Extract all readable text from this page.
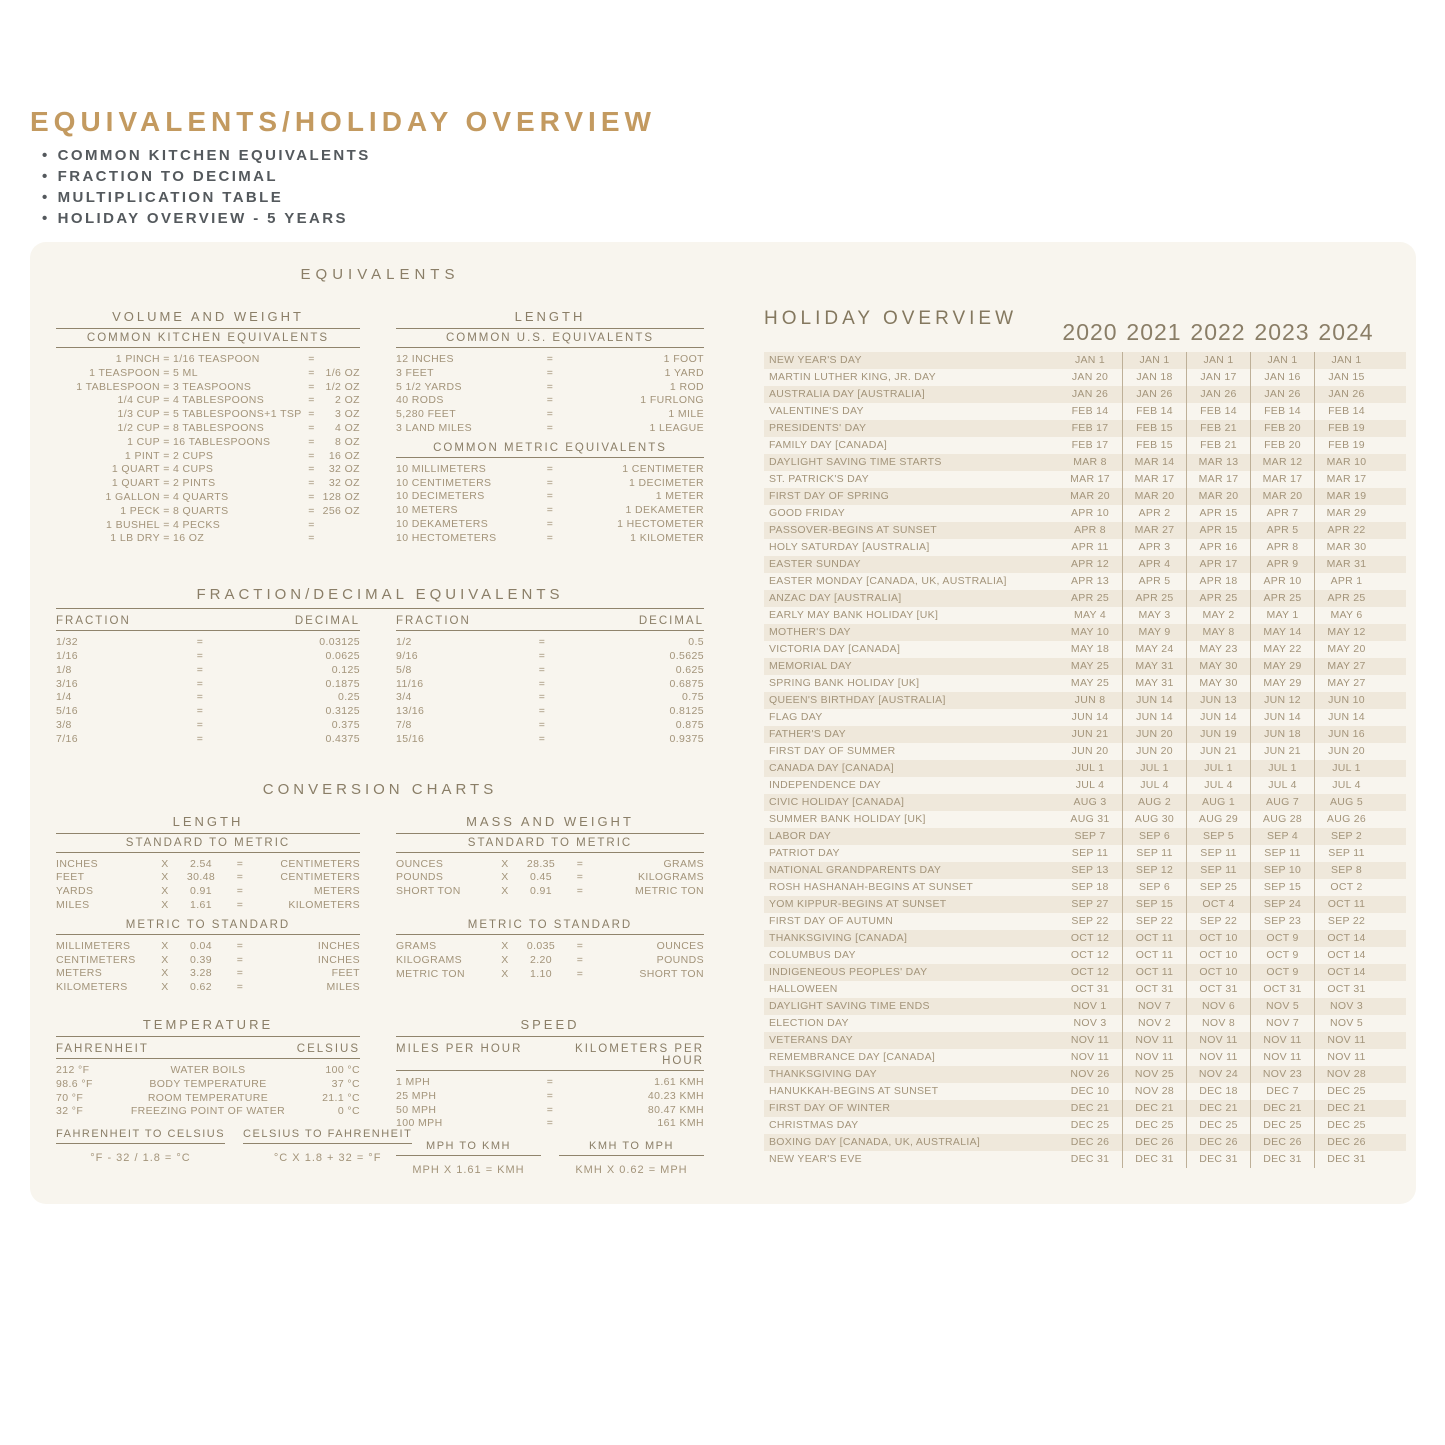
EQUIVALENTS/HOLIDAY OVERVIEW
• COMMON KITCHEN EQUIVALENTS
• FRACTION TO DECIMAL
• MULTIPLICATION TABLE
• HOLIDAY OVERVIEW - 5 YEARS
EQUIVALENTS
VOLUME AND WEIGHT
COMMON KITCHEN EQUIVALENTS
1 PINCH = 1/16 TEASPOON	=
1 TEASPOON = 5 ML	=	1/6 OZ
1 TABLESPOON = 3 TEASPOONS	=	1/2 OZ
1/4 CUP = 4 TABLESPOONS	=	2 OZ
1/3 CUP = 5 TABLESPOONS+1 TSP =	3 OZ
1/2 CUP = 8 TABLESPOONS	=	4 OZ
1 CUP = 16 TABLESPOONS	=	8 OZ
1 PINT = 2 CUPS	=	16 OZ
1 QUART = 4 CUPS	=	32 OZ
1 QUART = 2 PINTS	=	32 OZ
1 GALLON = 4 QUARTS	= 128 OZ
1 PECK = 8 QUARTS	= 256 OZ
1 BUSHEL = 4 PECKS	=
1 LB DRY = 16 OZ	=
LENGTH
COMMON U.S. EQUIVALENTS
12 INCHES	=	1 FOOT
3 FEET	=	1 YARD
5 1/2 YARDS	=	1 ROD
40 RODS	=	1 FURLONG
5,280 FEET	=	1 MILE
3 LAND MILES	=	1 LEAGUE
COMMON METRIC EQUIVALENTS
10 MILLIMETERS	=	1 CENTIMETER
10 CENTIMETERS	=	1 DECIMETER
10 DECIMETERS	=	1 METER
10 METERS	=	1 DEKAMETER
10 DEKAMETERS	=	1 HECTOMETER
10 HECTOMETERS	=	1 KILOMETER
FRACTION/DECIMAL EQUIVALENTS
FRACTION	DECIMAL
1/32	=	0.03125
1/16	=	0.0625
1/8	=	0.125
3/16	=	0.1875
1/4	=	0.25
5/16	=	0.3125
3/8	=	0.375
7/16	=	0.4375
FRACTION	DECIMAL
1/2	=	0.5
9/16	=	0.5625
5/8	=	0.625
11/16	=	0.6875
3/4	=	0.75
13/16	=	0.8125
7/8	=	0.875
15/16	=	0.9375
CONVERSION CHARTS
LENGTH
STANDARD TO METRIC
INCHES	X	2.54	=	CENTIMETERS
FEET	X	30.48	=	CENTIMETERS
YARDS	X	0.91	=	METERS
MILES	X	1.61	=	KILOMETERS
METRIC TO STANDARD
MILLIMETERS	X	0.04	=	INCHES
CENTIMETERS	X	0.39	=	INCHES
METERS	X	3.28	=	FEET
KILOMETERS	X	0.62	=	MILES
MASS AND WEIGHT
STANDARD TO METRIC
OUNCES	X	28.35	=	GRAMS
POUNDS	X	0.45	=	KILOGRAMS
SHORT TON	X	0.91	=	METRIC TON
METRIC TO STANDARD
GRAMS	X	0.035	=	OUNCES
KILOGRAMS	X	2.20	=	POUNDS
METRIC TON	X	1.10	=	SHORT TON
TEMPERATURE
FAHRENHEIT	CELSIUS
212 °F	WATER BOILS	100 °C
98.6 °F	BODY TEMPERATURE	37 °C
70 °F	ROOM TEMPERATURE	21.1 °C
32 °F	FREEZING POINT OF WATER	0 °C
FAHRENHEIT TO CELSIUS
°F - 32 / 1.8 = °C
CELSIUS TO FAHRENHEIT
°C X 1.8 + 32 = °F
SPEED
MILES PER HOUR	KILOMETERS PER HOUR
1 MPH	=	1.61 KMH
25 MPH	=	40.23 KMH
50 MPH	=	80.47 KMH
100 MPH	=	161 KMH
MPH TO KMH
MPH X 1.61 = KMH
KMH TO MPH
KMH X 0.62 = MPH
HOLIDAY OVERVIEW
2020 2021 2022 2023 2024
NEW YEAR'S DAY	JAN 1	JAN 1	JAN 1	JAN 1	JAN 1
MARTIN LUTHER KING, JR. DAY	JAN 20	JAN 18	JAN 17	JAN 16	JAN 15
AUSTRALIA DAY [AUSTRALIA]	JAN 26	JAN 26	JAN 26	JAN 26	JAN 26
VALENTINE'S DAY	FEB 14	FEB 14	FEB 14	FEB 14	FEB 14
PRESIDENTS' DAY	FEB 17	FEB 15	FEB 21	FEB 20	FEB 19
FAMILY DAY [CANADA]	FEB 17	FEB 15	FEB 21	FEB 20	FEB 19
DAYLIGHT SAVING TIME STARTS	MAR 8	MAR 14	MAR 13	MAR 12	MAR 10
ST. PATRICK'S DAY	MAR 17	MAR 17	MAR 17	MAR 17	MAR 17
FIRST DAY OF SPRING	MAR 20	MAR 20	MAR 20	MAR 20	MAR 19
GOOD FRIDAY	APR 10	APR 2	APR 15	APR 7	MAR 29
PASSOVER-BEGINS AT SUNSET	APR 8	MAR 27	APR 15	APR 5	APR 22
HOLY SATURDAY [AUSTRALIA]	APR 11	APR 3	APR 16	APR 8	MAR 30
EASTER SUNDAY	APR 12	APR 4	APR 17	APR 9	MAR 31
EASTER MONDAY [CANADA, UK, AUSTRALIA]	APR 13	APR 5	APR 18	APR 10	APR 1
ANZAC DAY [AUSTRALIA]	APR 25	APR 25	APR 25	APR 25	APR 25
EARLY MAY BANK HOLIDAY [UK]	MAY 4	MAY 3	MAY 2	MAY 1	MAY 6
MOTHER'S DAY	MAY 10	MAY 9	MAY 8	MAY 14	MAY 12
VICTORIA DAY [CANADA]	MAY 18	MAY 24	MAY 23	MAY 22	MAY 20
MEMORIAL DAY	MAY 25	MAY 31	MAY 30	MAY 29	MAY 27
SPRING BANK HOLIDAY [UK]	MAY 25	MAY 31	MAY 30	MAY 29	MAY 27
QUEEN'S BIRTHDAY [AUSTRALIA]	JUN 8	JUN 14	JUN 13	JUN 12	JUN 10
FLAG DAY	JUN 14	JUN 14	JUN 14	JUN 14	JUN 14
FATHER'S DAY	JUN 21	JUN 20	JUN 19	JUN 18	JUN 16
FIRST DAY OF SUMMER	JUN 20	JUN 20	JUN 21	JUN 21	JUN 20
CANADA DAY [CANADA]	JUL 1	JUL 1	JUL 1	JUL 1	JUL 1
INDEPENDENCE DAY	JUL 4	JUL 4	JUL 4	JUL 4	JUL 4
CIVIC HOLIDAY [CANADA]	AUG 3	AUG 2	AUG 1	AUG 7	AUG 5
SUMMER BANK HOLIDAY [UK]	AUG 31	AUG 30	AUG 29	AUG 28	AUG 26
LABOR DAY	SEP 7	SEP 6	SEP 5	SEP 4	SEP 2
PATRIOT DAY	SEP 11	SEP 11	SEP 11	SEP 11	SEP 11
NATIONAL GRANDPARENTS DAY	SEP 13	SEP 12	SEP 11	SEP 10	SEP 8
ROSH HASHANAH-BEGINS AT SUNSET	SEP 18	SEP 6	SEP 25	SEP 15	OCT 2
YOM KIPPUR-BEGINS AT SUNSET	SEP 27	SEP 15	OCT 4	SEP 24	OCT 11
FIRST DAY OF AUTUMN	SEP 22	SEP 22	SEP 22	SEP 23	SEP 22
THANKSGIVING [CANADA]	OCT 12	OCT 11	OCT 10	OCT 9	OCT 14
COLUMBUS DAY	OCT 12	OCT 11	OCT 10	OCT 9	OCT 14
INDIGENEOUS PEOPLES' DAY	OCT 12	OCT 11	OCT 10	OCT 9	OCT 14
HALLOWEEN	OCT 31	OCT 31	OCT 31	OCT 31	OCT 31
DAYLIGHT SAVING TIME ENDS	NOV 1	NOV 7	NOV 6	NOV 5	NOV 3
ELECTION DAY	NOV 3	NOV 2	NOV 8	NOV 7	NOV 5
VETERANS DAY	NOV 11	NOV 11	NOV 11	NOV 11	NOV 11
REMEMBRANCE DAY [CANADA]	NOV 11	NOV 11	NOV 11	NOV 11	NOV 11
THANKSGIVING DAY	NOV 26	NOV 25	NOV 24	NOV 23	NOV 28
HANUKKAH-BEGINS AT SUNSET	DEC 10	NOV 28	DEC 18	DEC 7	DEC 25
FIRST DAY OF WINTER	DEC 21	DEC 21	DEC 21	DEC 21	DEC 21
CHRISTMAS DAY	DEC 25	DEC 25	DEC 25	DEC 25	DEC 25
BOXING DAY [CANADA, UK, AUSTRALIA]	DEC 26	DEC 26	DEC 26	DEC 26	DEC 26
NEW YEAR'S EVE	DEC 31	DEC 31	DEC 31	DEC 31	DEC 31
